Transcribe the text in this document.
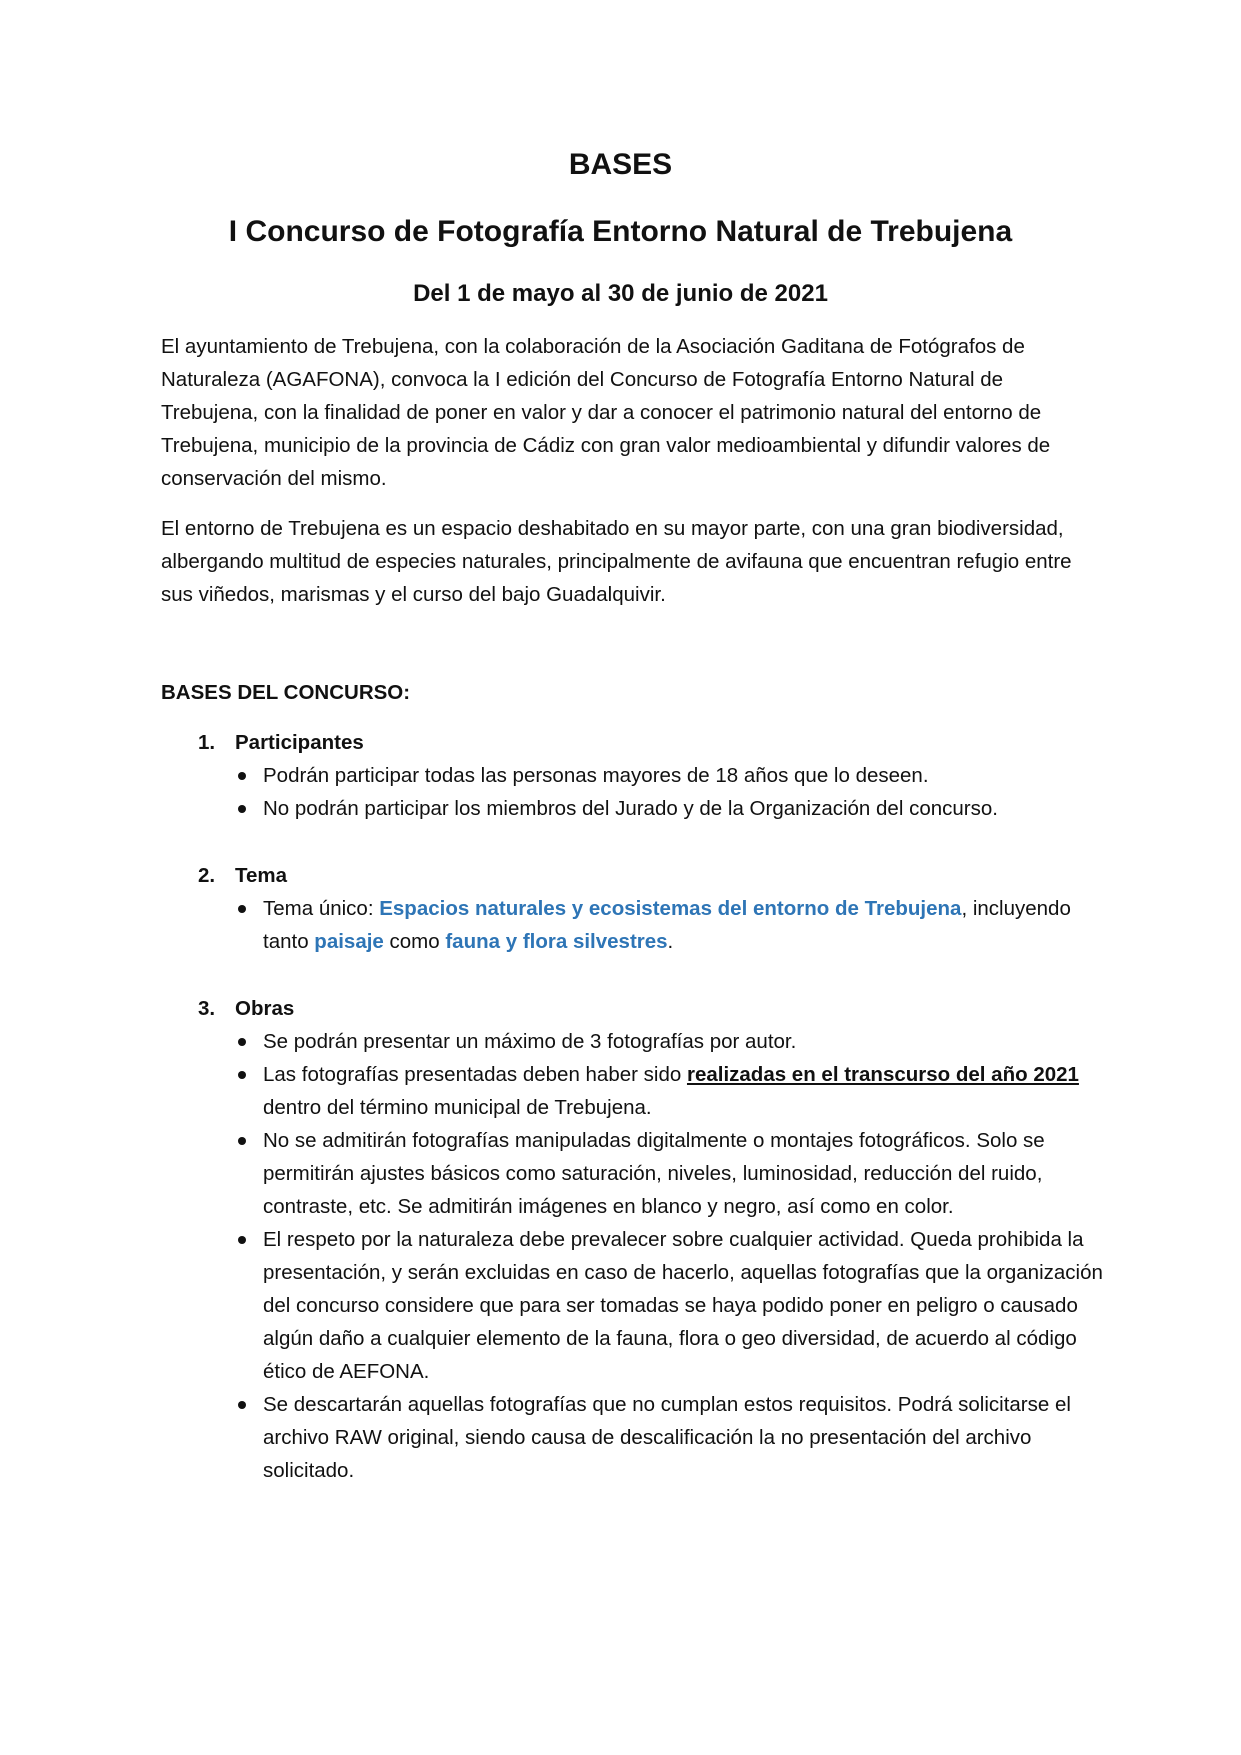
BASES
I Concurso de Fotografía Entorno Natural de Trebujena
Del 1 de mayo al 30 de junio de 2021

El ayuntamiento de Trebujena, con la colaboración de la Asociación Gaditana de Fotógrafos de Naturaleza (AGAFONA), convoca la I edición del Concurso de Fotografía Entorno Natural de Trebujena, con la finalidad de poner en valor y dar a conocer el patrimonio natural del entorno de Trebujena, municipio de la provincia de Cádiz con gran valor medioambiental y difundir valores de conservación del mismo.

El entorno de Trebujena es un espacio deshabitado en su mayor parte, con una gran biodiversidad, albergando multitud de especies naturales, principalmente de avifauna que encuentran refugio entre sus viñedos, marismas y el curso del bajo Guadalquivir.

BASES DEL CONCURSO:

1. Participantes

Podrán participar todas las personas mayores de 18 años que lo deseen.
No podrán participar los miembros del Jurado y de la Organización del concurso.

2. Tema

Tema único: Espacios naturales y ecosistemas del entorno de Trebujena, incluyendo tanto paisaje como fauna y flora silvestres.

3. Obras

Se podrán presentar un máximo de 3 fotografías por autor.
Las fotografías presentadas deben haber sido realizadas en el transcurso del año 2021 dentro del término municipal de Trebujena.
No se admitirán fotografías manipuladas digitalmente o montajes fotográficos. Solo se permitirán ajustes básicos como saturación, niveles, luminosidad, reducción del ruido, contraste, etc. Se admitirán imágenes en blanco y negro, así como en color.
El respeto por la naturaleza debe prevalecer sobre cualquier actividad. Queda prohibida la presentación, y serán excluidas en caso de hacerlo, aquellas fotografías que la organización del concurso considere que para ser tomadas se haya podido poner en peligro o causado algún daño a cualquier elemento de la fauna, flora o geo diversidad, de acuerdo al código ético de AEFONA.
Se descartarán aquellas fotografías que no cumplan estos requisitos. Podrá solicitarse el archivo RAW original, siendo causa de descalificación la no presentación del archivo solicitado.
